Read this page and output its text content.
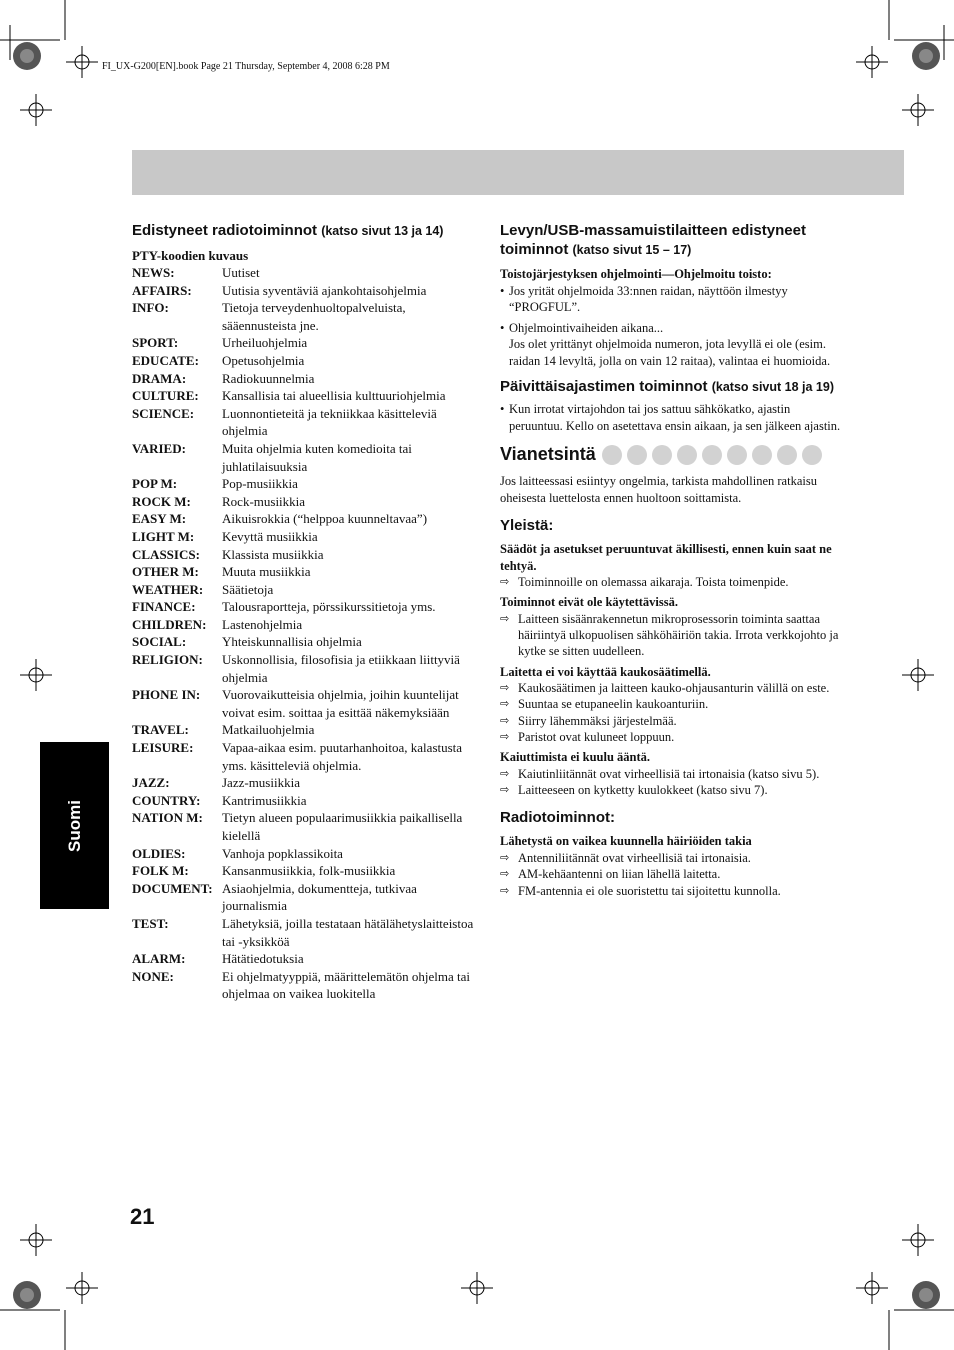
FI_UX-G200[EN].book Page 21 Thursday, September 4, 2008 6:28 PM
Suomi
21
Edistyneet radiotoiminnot (katso sivut 13 ja 14)
PTY-koodien kuvaus
NEWS:	Uutiset
AFFAIRS:	Uutisia syventäviä ajankohtaisohjelmia
INFO:	Tietoja terveydenhuoltopalveluista, sääennusteista jne.
SPORT:	Urheiluohjelmia
EDUCATE:	Opetusohjelmia
DRAMA:	Radiokuunnelmia
CULTURE:	Kansallisia tai alueellisia kulttuuriohjelmia
SCIENCE:	Luonnontieteitä ja tekniikkaa käsitteleviä ohjelmia
VARIED:	Muita ohjelmia kuten komedioita tai juhlatilaisuuksia
POP M:	Pop-musiikkia
ROCK M:	Rock-musiikkia
EASY M:	Aikuisrokkia (“helppoa kuunneltavaa”)
LIGHT M:	Kevyttä musiikkia
CLASSICS:	Klassista musiikkia
OTHER M:	Muuta musiikkia
WEATHER:	Säätietoja
FINANCE:	Talousraportteja, pörssikurssitietoja yms.
CHILDREN:	Lastenohjelmia
SOCIAL:	Yhteiskunnallisia ohjelmia
RELIGION:	Uskonnollisia, filosofisia ja etiikkaan liittyviä ohjelmia
PHONE IN:	Vuorovaikutteisia ohjelmia, joihin kuuntelijat voivat esim. soittaa ja esittää näkemyksiään
TRAVEL:	Matkailuohjelmia
LEISURE:	Vapaa-aikaa esim. puutarhanhoitoa, kalastusta yms. käsitteleviä ohjelmia.
JAZZ:	Jazz-musiikkia
COUNTRY:	Kantrimusiikkia
NATION M:	Tietyn alueen populaarimusiikkia paikallisella kielellä
OLDIES:	Vanhoja popklassikoita
FOLK M:	Kansanmusiikkia, folk-musiikkia
DOCUMENT: Asiaohjelmia, dokumentteja, tutkivaa journalismia
TEST:	Lähetyksiä, joilla testataan hätälähetyslaitteistoa tai -yksikköä
ALARM:	Hätätiedotuksia
NONE:	Ei ohjelmatyyppiä, määrittelemätön ohjelma tai ohjelmaa on vaikea luokitella
Levyn/USB-massamuistilaitteen edistyneet toiminnot (katso sivut 15 – 17)
Toistojärjestyksen ohjelmointi—Ohjelmoitu toisto:
• Jos yrität ohjelmoida 33:nnen raidan, näyttöön ilmestyy “PROGFUL”.
• Ohjelmointivaiheiden aikana...
Jos olet yrittänyt ohjelmoida numeron, jota levyllä ei ole (esim. raidan 14 levyltä, jolla on vain 12 raitaa), valintaa ei huomioida.
Päivittäisajastimen toiminnot (katso sivut 18 ja 19)
• Kun irrotat virtajohdon tai jos sattuu sähkökatko, ajastin peruuntuu. Kello on asetettava ensin aikaan, ja sen jälkeen ajastin.
Vianetsintä
Jos laitteessasi esiintyy ongelmia, tarkista mahdollinen ratkaisu oheisesta luettelosta ennen huoltoon soittamista.
Yleistä:
Säädöt ja asetukset peruuntuvat äkillisesti, ennen kuin saat ne tehtyä.
⇨ Toiminnoille on olemassa aikaraja. Toista toimenpide.
Toiminnot eivät ole käytettävissä.
⇨ Laitteen sisäänrakennetun mikroprosessorin toiminta saattaa häiriintyä ulkopuolisen sähköhäiriön takia. Irrota verkkojohto ja kytke se sitten uudelleen.
Laitetta ei voi käyttää kaukosäätimellä.
⇨ Kaukosäätimen ja laitteen kauko-ohjausanturin välillä on este.
⇨ Suuntaa se etupaneelin kaukoanturiin.
⇨ Siirry lähemmäksi järjestelmää.
⇨ Paristot ovat kuluneet loppuun.
Kaiuttimista ei kuulu ääntä.
⇨ Kaiutinliitännät ovat virheellisiä tai irtonaisia (katso sivu 5).
⇨ Laitteeseen on kytketty kuulokkeet (katso sivu 7).
Radiotoiminnot:
Lähetystä on vaikea kuunnella häiriöiden takia
⇨ Antenniliitännät ovat virheellisiä tai irtonaisia.
⇨ AM-kehäantenni on liian lähellä laitetta.
⇨ FM-antennia ei ole suoristettu tai sijoitettu kunnolla.
